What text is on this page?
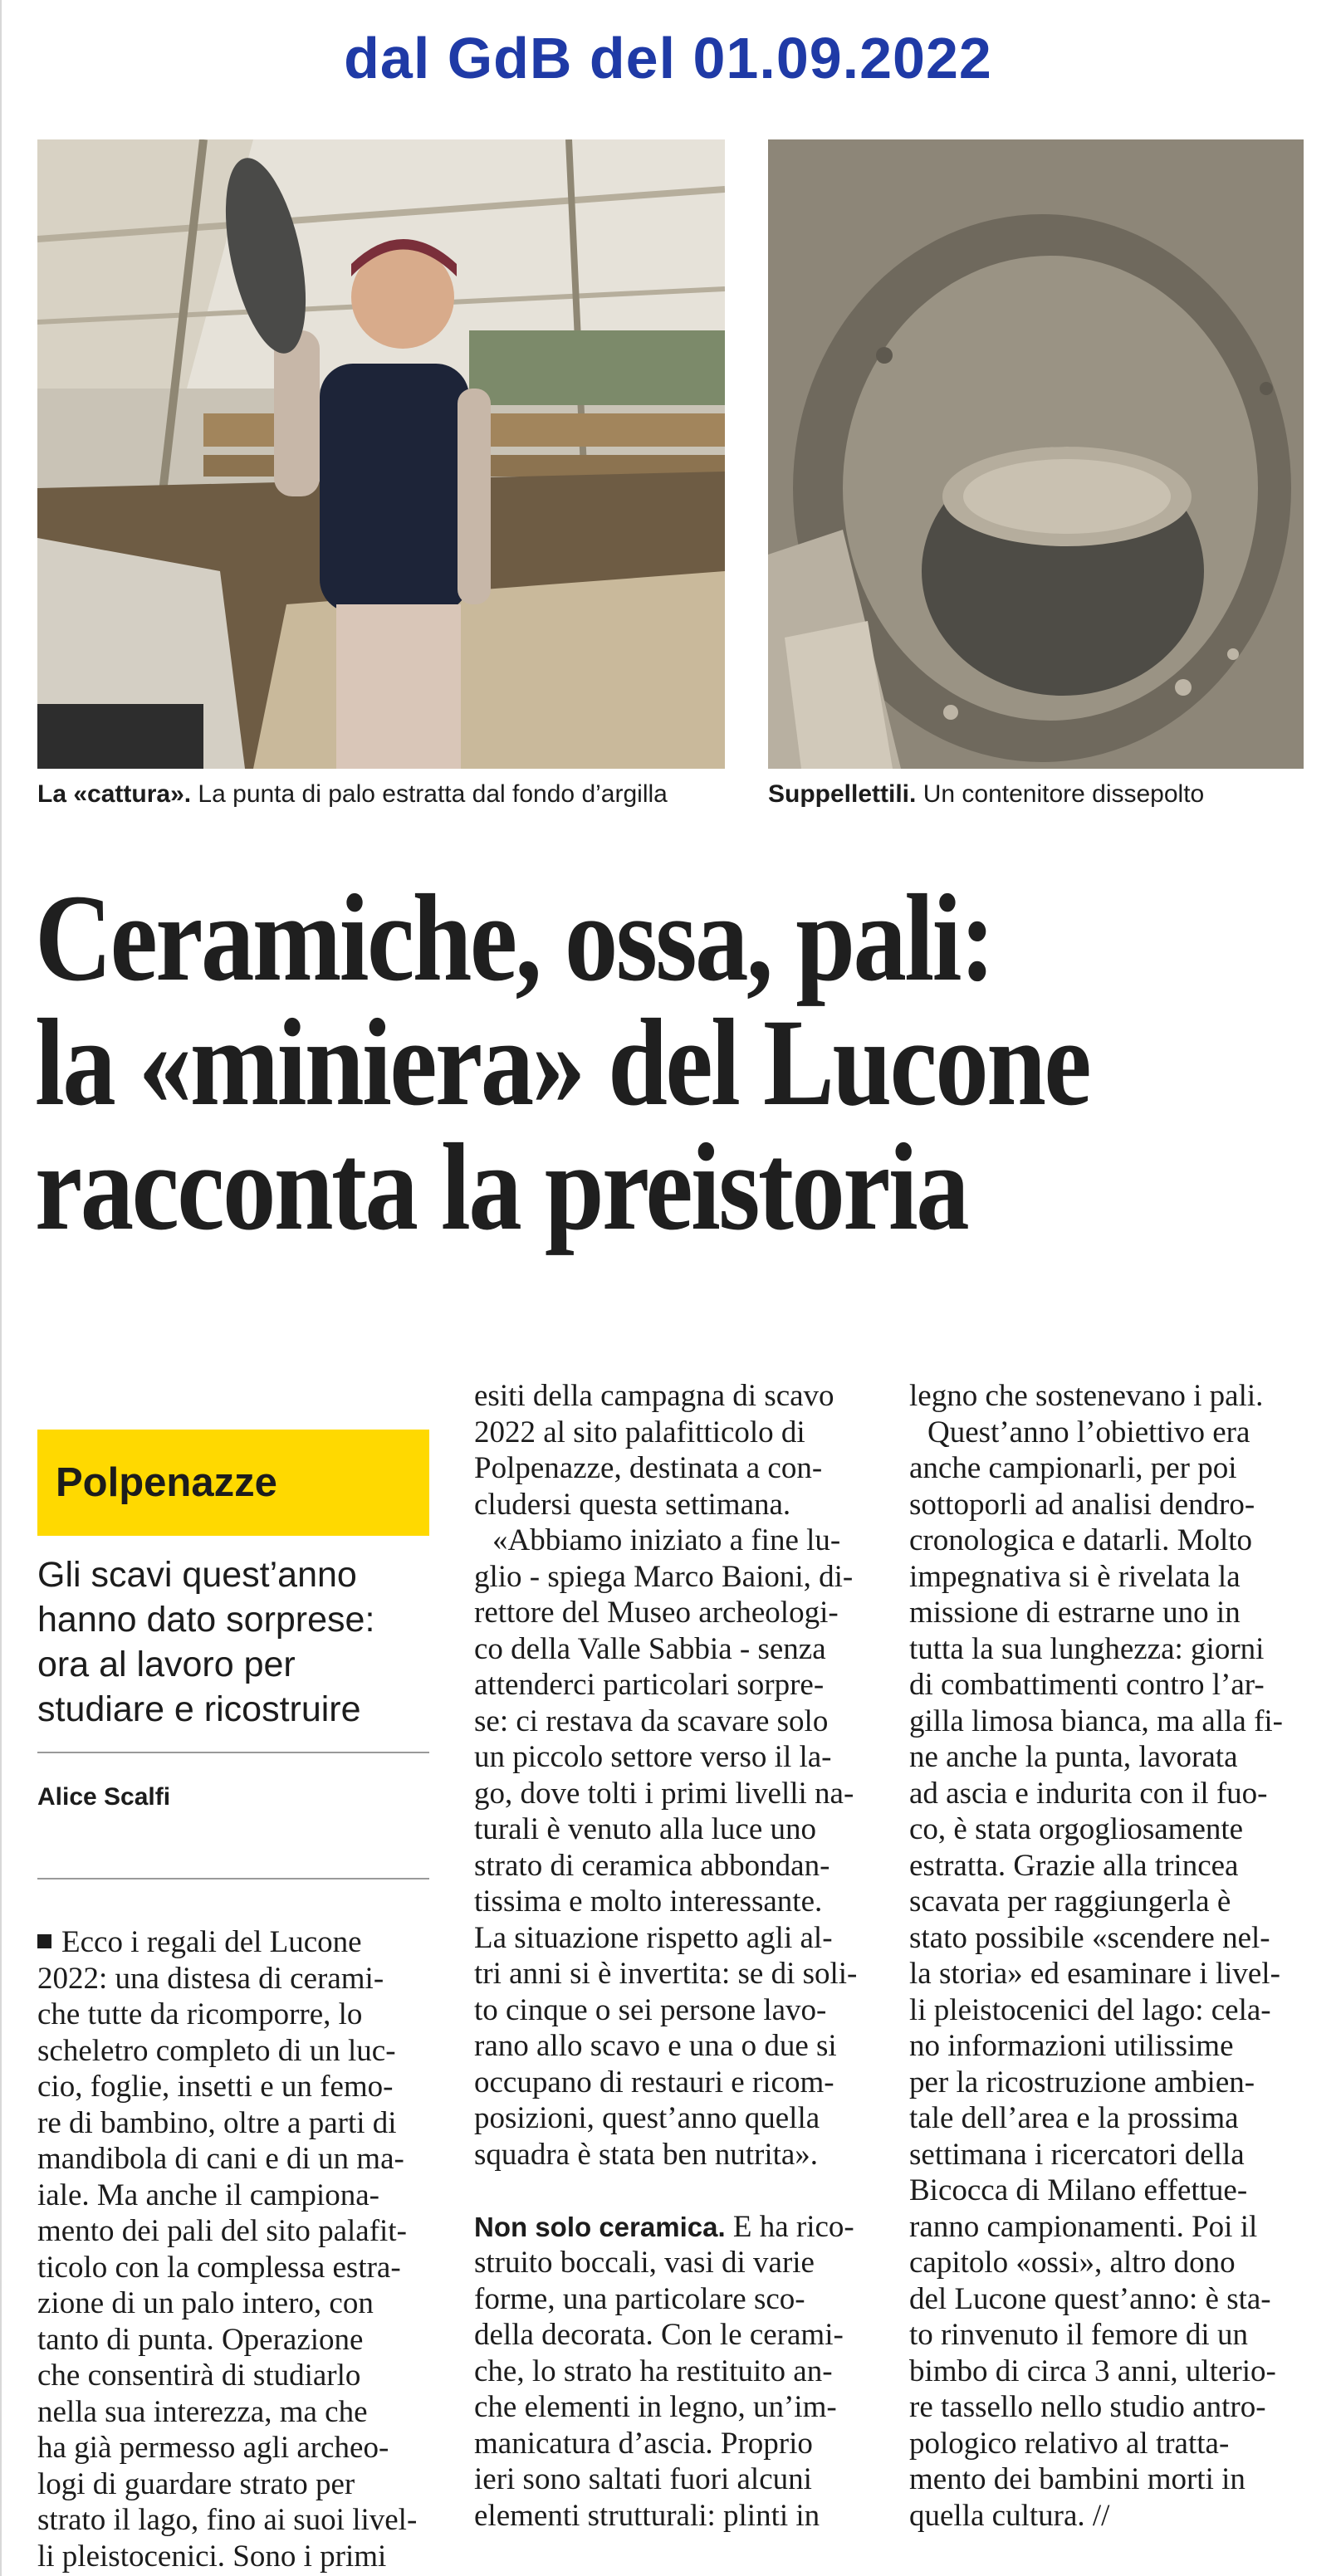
dal GdB del 01.09.2022
La «cattura». La punta di palo estratta dal fondo d’argilla	Suppellettili. Un contenitore dissepolto
Ceramiche, ossa, pali:
la «miniera» del Lucone
racconta la preistoria
Polpenazze
Gli scavi quest’anno
hanno dato sorprese:
ora al lavoro per
studiare e ricostruire
Alice Scalfi
Ecco i regali del Lucone
2022: una distesa di cerami-
che tutte da ricomporre, lo
scheletro completo di un luc-
cio, foglie, insetti e un femo-
re di bambino, oltre a parti di
mandibola di cani e di un ma-
iale. Ma anche il campiona-
mento dei pali del sito palafit-
ticolo con la complessa estra-
zione di un palo intero, con
tanto di punta. Operazione
che consentirà di studiarlo
nella sua interezza, ma che
ha già permesso agli archeo-
logi di guardare strato per
strato il lago, fino ai suoi livel-
li pleistocenici. Sono i primi
esiti della campagna di scavo
2022 al sito palafitticolo di
Polpenazze, destinata a con-
cludersi questa settimana.
«Abbiamo iniziato a fine lu-
glio - spiega Marco Baioni, di-
rettore del Museo archeologi-
co della Valle Sabbia - senza
attenderci particolari sorpre-
se: ci restava da scavare solo
un piccolo settore verso il la-
go, dove tolti i primi livelli na-
turali è venuto alla luce uno
strato di ceramica abbondan-
tissima e molto interessante.
La situazione rispetto agli al-
tri anni si è invertita: se di soli-
to cinque o sei persone lavo-
rano allo scavo e una o due si
occupano di restauri e ricom-
posizioni, quest’anno quella
squadra è stata ben nutrita».
Non solo ceramica. E ha rico-
struito boccali, vasi di varie
forme, una particolare sco-
della decorata. Con le cerami-
che, lo strato ha restituito an-
che elementi in legno, un’im-
manicatura d’ascia. Proprio
ieri sono saltati fuori alcuni
elementi strutturali: plinti in
legno che sostenevano i pali.
Quest’anno l’obiettivo era
anche campionarli, per poi
sottoporli ad analisi dendro-
cronologica e datarli. Molto
impegnativa si è rivelata la
missione di estrarne uno in
tutta la sua lunghezza: giorni
di combattimenti contro l’ar-
gilla limosa bianca, ma alla fi-
ne anche la punta, lavorata
ad ascia e indurita con il fuo-
co, è stata orgogliosamente
estratta. Grazie alla trincea
scavata per raggiungerla è
stato possibile «scendere nel-
la storia» ed esaminare i livel-
li pleistocenici del lago: cela-
no informazioni utilissime
per la ricostruzione ambien-
tale dell’area e la prossima
settimana i ricercatori della
Bicocca di Milano effettue-
ranno campionamenti. Poi il
capitolo «ossi», altro dono
del Lucone quest’anno: è sta-
to rinvenuto il femore di un
bimbo di circa 3 anni, ulterio-
re tassello nello studio antro-
pologico relativo al tratta-
mento dei bambini morti in
quella cultura. //
